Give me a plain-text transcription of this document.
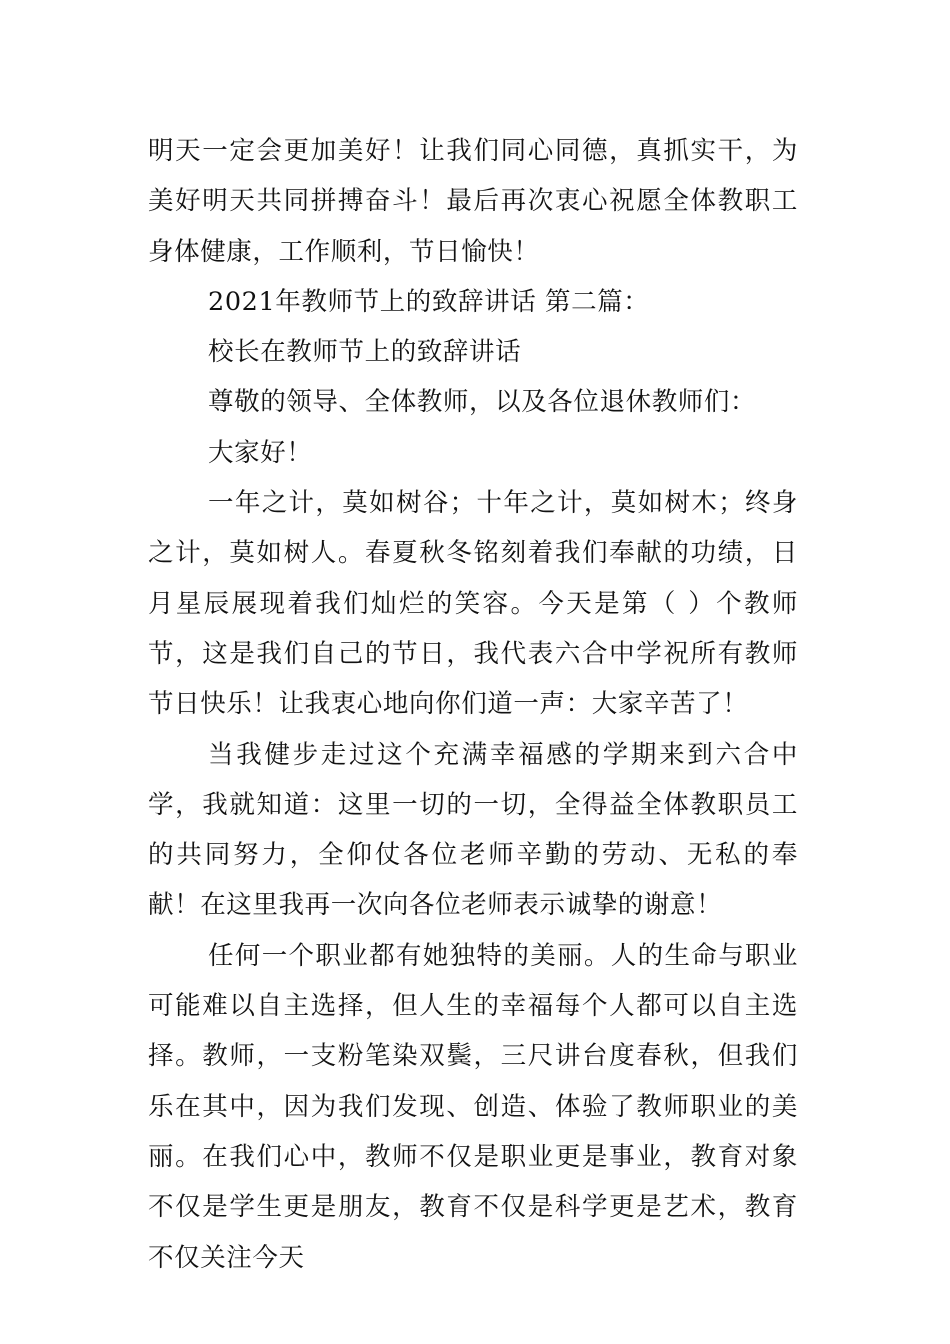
明天一定会更加美好！让我们同心同德，真抓实干，为美好明天共同拼搏奋斗！最后再次衷心祝愿全体教职工身体健康，工作顺利，节日愉快！

2021年教师节上的致辞讲话 第二篇：

校长在教师节上的致辞讲话

尊敬的领导、全体教师，以及各位退休教师们：

大家好！

一年之计，莫如树谷；十年之计，莫如树木；终身之计，莫如树人。春夏秋冬铭刻着我们奉献的功绩，日月星辰展现着我们灿烂的笑容。今天是第（ ）个教师节，这是我们自己的节日，我代表六合中学祝所有教师节日快乐！让我衷心地向你们道一声：大家辛苦了！

当我健步走过这个充满幸福感的学期来到六合中学，我就知道：这里一切的一切，全得益全体教职员工的共同努力，全仰仗各位老师辛勤的劳动、无私的奉献！在这里我再一次向各位老师表示诚挚的谢意！

任何一个职业都有她独特的美丽。人的生命与职业可能难以自主选择，但人生的幸福每个人都可以自主选择。教师，一支粉笔染双鬓，三尺讲台度春秋，但我们乐在其中，因为我们发现、创造、体验了教师职业的美丽。在我们心中，教师不仅是职业更是事业，教育对象不仅是学生更是朋友，教育不仅是科学更是艺术，教育不仅关注今天
